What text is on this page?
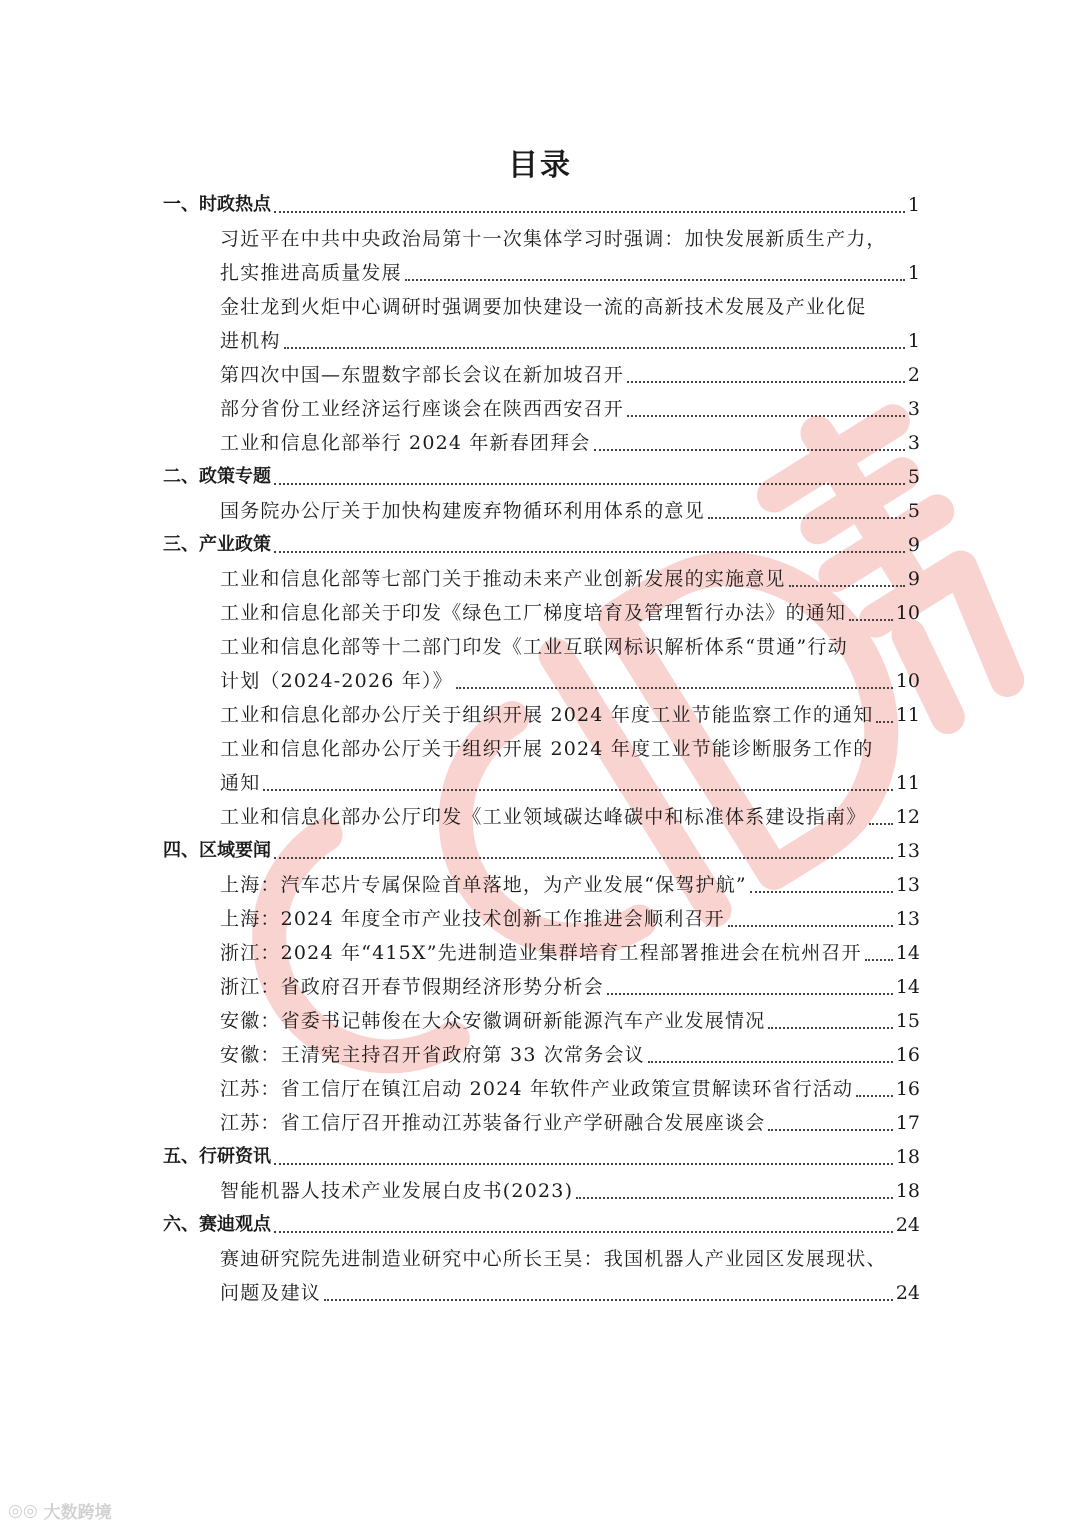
目录
一、时政热点	1
习近平在中共中央政治局第十一次集体学习时强调：加快发展新质生产力，
扎实推进高质量发展	1
金壮龙到火炬中心调研时强调要加快建设一流的高新技术发展及产业化促
进机构	1
第四次中国—东盟数字部长会议在新加坡召开	2
部分省份工业经济运行座谈会在陕西西安召开	3
工业和信息化部举行 2024 年新春团拜会	3
二、政策专题	5
国务院办公厅关于加快构建废弃物循环利用体系的意见	5
三、产业政策	9
工业和信息化部等七部门关于推动未来产业创新发展的实施意见	9
工业和信息化部关于印发《绿色工厂梯度培育及管理暂行办法》的通知	10
工业和信息化部等十二部门印发《工业互联网标识解析体系“贯通”行动
计划（2024-2026 年）》	10
工业和信息化部办公厅关于组织开展 2024 年度工业节能监察工作的通知 11
工业和信息化部办公厅关于组织开展 2024 年度工业节能诊断服务工作的
通知	11
工业和信息化部办公厅印发《工业领域碳达峰碳中和标准体系建设指南》 12
四、区域要闻	13
上海：汽车芯片专属保险首单落地，为产业发展“保驾护航”	13
上海：2024 年度全市产业技术创新工作推进会顺利召开	13
浙江：2024 年“415X”先进制造业集群培育工程部署推进会在杭州召开 14
浙江：省政府召开春节假期经济形势分析会	14
安徽：省委书记韩俊在大众安徽调研新能源汽车产业发展情况	15
安徽：王清宪主持召开省政府第 33 次常务会议	16
江苏：省工信厅在镇江启动 2024 年软件产业政策宣贯解读环省行活动 16
江苏：省工信厅召开推动江苏装备行业产学研融合发展座谈会	17
五、行研资讯	18
智能机器人技术产业发展白皮书(2023)	18
六、赛迪观点	24
赛迪研究院先进制造业研究中心所长王昊：我国机器人产业园区发展现状、
问题及建议	24
◎◎ 大数跨境
